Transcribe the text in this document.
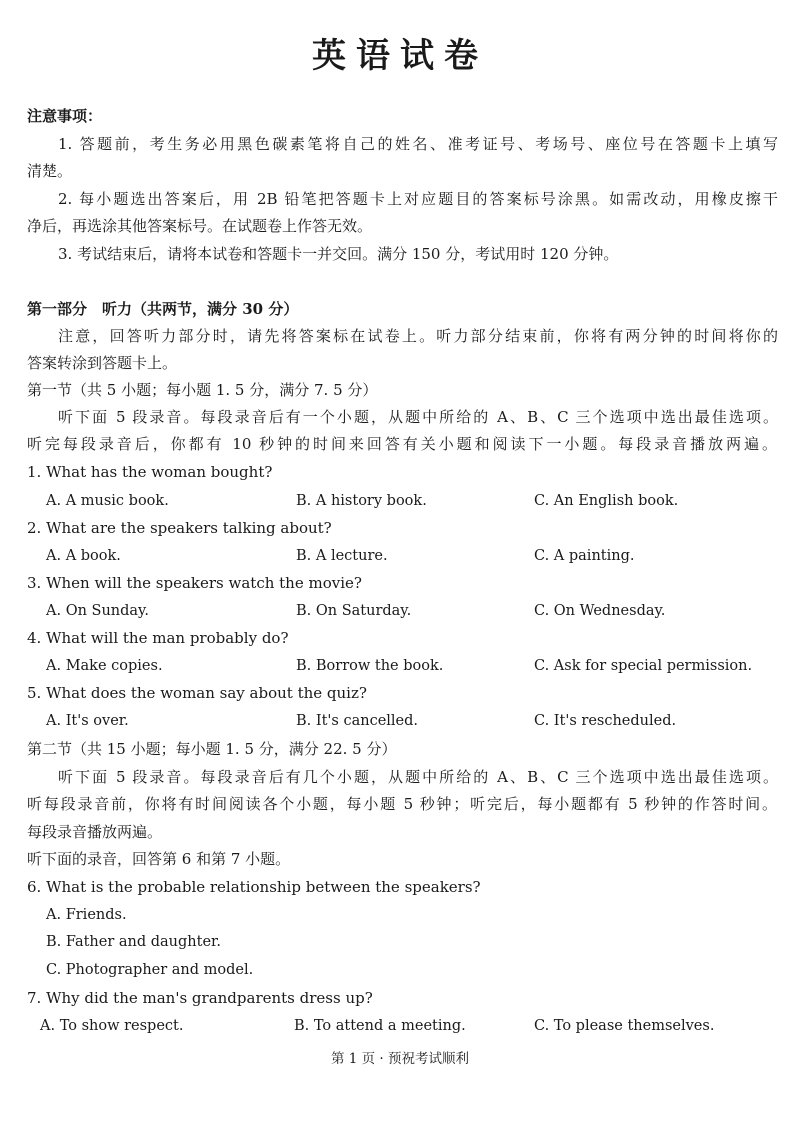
英语试卷
注意事项：
1. 答题前，考生务必用黑色碳素笔将自己的姓名、准考证号、考场号、座位号在答题卡上填写
清楚。
2. 每小题选出答案后，用 2B 铅笔把答题卡上对应题目的答案标号涂黑。如需改动，用橡皮擦干
净后，再选涂其他答案标号。在试题卷上作答无效。
3. 考试结束后，请将本试卷和答题卡一并交回。满分 150 分，考试用时 120 分钟。
第一部分　听力（共两节，满分 30 分）
注意，回答听力部分时，请先将答案标在试卷上。听力部分结束前，你将有两分钟的时间将你的
答案转涂到答题卡上。
第一节（共 5 小题；每小题 1. 5 分，满分 7. 5 分）
听下面 5 段录音。每段录音后有一个小题，从题中所给的 A、B、C 三个选项中选出最佳选项。
听完每段录音后，你都有 10 秒钟的时间来回答有关小题和阅读下一小题。每段录音播放两遍。
1. What has the woman bought?
A. A music book.	B. A history book.	C. An English book.
2. What are the speakers talking about?
A. A book.	B. A lecture.	C. A painting.
3. When will the speakers watch the movie?
A. On Sunday.	B. On Saturday.	C. On Wednesday.
4. What will the man probably do?
A. Make copies.	B. Borrow the book.	C. Ask for special permission.
5. What does the woman say about the quiz?
A. It's over.	B. It's cancelled.	C. It's rescheduled.
第二节（共 15 小题；每小题 1. 5 分，满分 22. 5 分）
听下面 5 段录音。每段录音后有几个小题，从题中所给的 A、B、C 三个选项中选出最佳选项。
听每段录音前，你将有时间阅读各个小题，每小题 5 秒钟；听完后，每小题都有 5 秒钟的作答时间。
每段录音播放两遍。
听下面的录音，回答第 6 和第 7 小题。
6. What is the probable relationship between the speakers?
A. Friends.
B. Father and daughter.
C. Photographer and model.
7. Why did the man's grandparents dress up?
A. To show respect.	B. To attend a meeting.	C. To please themselves.
第 1 页 · 预祝考试顺利
